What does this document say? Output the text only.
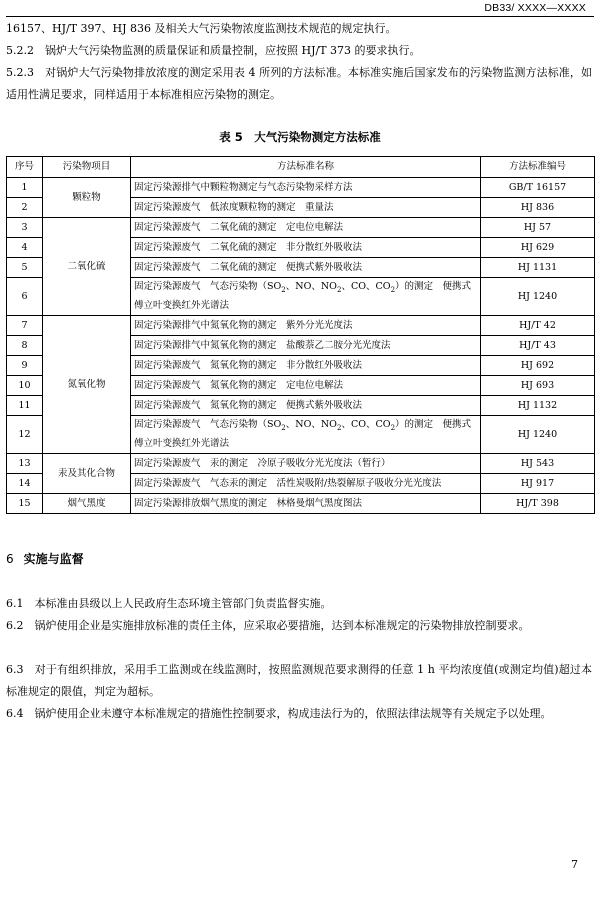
DB33/ XXXX—XXXX
16157、HJ/T 397、HJ 836 及相关大气污染物浓度监测技术规范的规定执行。
5.2.2　锅炉大气污染物监测的质量保证和质量控制，应按照 HJ/T 373 的要求执行。
5.2.3　对锅炉大气污染物排放浓度的测定采用表 4 所列的方法标准。本标准实施后国家发布的污染物监测方法标准，如适用性满足要求，同样适用于本标准相应污染物的测定。
表 5　大气污染物测定方法标准
序号	污染物项目	方法标准名称	方法标准编号
1	颗粒物	固定污染源排气中颗粒物测定与气态污染物采样方法	GB/T 16157
2		固定污染源废气　低浓度颗粒物的测定　重量法	HJ 836
3	二氧化硫	固定污染源废气　二氧化硫的测定　定电位电解法	HJ 57
4		固定污染源废气　二氧化硫的测定　非分散红外吸收法	HJ 629
5		固定污染源废气　二氧化硫的测定　便携式紫外吸收法	HJ 1131
6		固定污染源废气　气态污染物（$SO_2$、NO、$NO_2$、CO、$CO_2$）的测定　便携式傅立叶变换红外光谱法	HJ 1240
7	氮氧化物	固定污染源排气中氮氧化物的测定　紫外分光光度法	HJ/T 42
8		固定污染源排气中氮氧化物的测定　盐酸萘乙二胺分光光度法	HJ/T 43
9		固定污染源废气　氮氧化物的测定　非分散红外吸收法	HJ 692
10		固定污染源废气　氮氧化物的测定　定电位电解法	HJ 693
11		固定污染源废气　氮氧化物的测定　便携式紫外吸收法	HJ 1132
12		固定污染源废气　气态污染物（$SO_2$、NO、$NO_2$、CO、$CO_2$）的测定　便携式傅立叶变换红外光谱法	HJ 1240
13	汞及其化合物	固定污染源废气　汞的测定　冷原子吸收分光光度法（暂行）	HJ 543
14		固定污染源废气　气态汞的测定　活性炭吸附/热裂解原子吸收分光光度法	HJ 917
15	烟气黑度	固定污染源排放烟气黑度的测定　林格曼烟气黑度图法	HJ/T 398
6 实施与监督
6.1　本标准由县级以上人民政府生态环境主管部门负责监督实施。
6.2　锅炉使用企业是实施排放标准的责任主体，应采取必要措施，达到本标准规定的污染物排放控制要求。
6.3　对于有组织排放，采用手工监测或在线监测时，按照监测规范要求测得的任意 1 h 平均浓度值(或测定均值)超过本标准规定的限值，判定为超标。
6.4　锅炉使用企业未遵守本标准规定的措施性控制要求，构成违法行为的，依照法律法规等有关规定予以处理。
7
